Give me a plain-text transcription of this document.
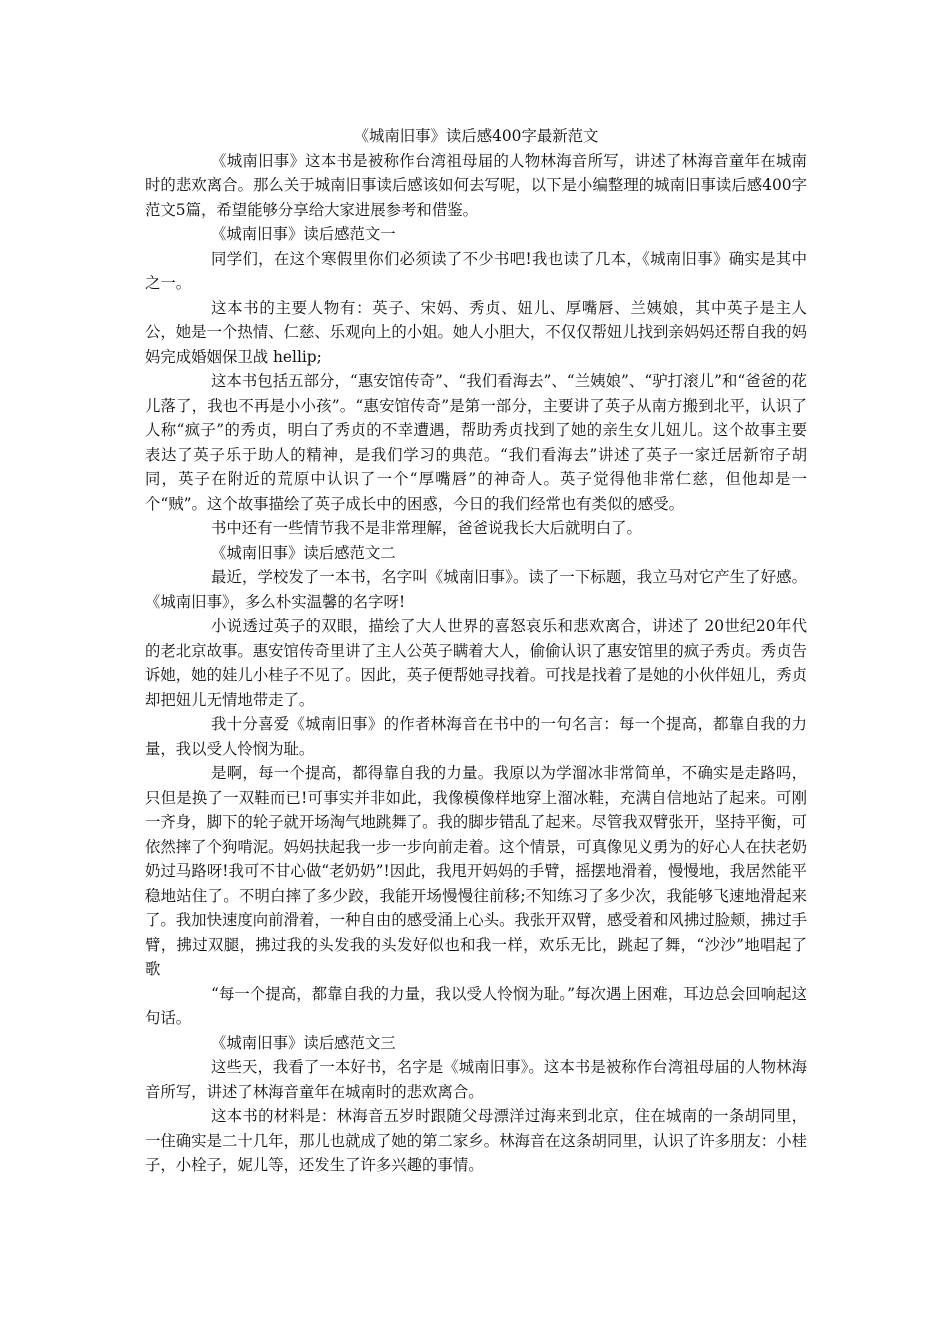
《城南旧事》读后感400字最新范文

《城南旧事》这本书是被称作台湾祖母届的人物林海音所写，讲述了林海音童年在城南时的悲欢离合。那么关于城南旧事读后感该如何去写呢，以下是小编整理的城南旧事读后感400字范文5篇，希望能够分享给大家进展参考和借鉴。

《城南旧事》读后感范文一

同学们，在这个寒假里你们必须读了不少书吧!我也读了几本，《城南旧事》确实是其中之一。

这本书的主要人物有：英子、宋妈、秀贞、妞儿、厚嘴唇、兰姨娘，其中英子是主人公，她是一个热情、仁慈、乐观向上的小姐。她人小胆大，不仅仅帮妞儿找到亲妈妈还帮自我的妈妈完成婚姻保卫战 hellip;

这本书包括五部分，“惠安馆传奇”、“我们看海去”、“兰姨娘”、“驴打滚儿”和“爸爸的花儿落了，我也不再是小小孩”。“惠安馆传奇”是第一部分，主要讲了英子从南方搬到北平，认识了人称“疯子”的秀贞，明白了秀贞的不幸遭遇，帮助秀贞找到了她的亲生女儿妞儿。这个故事主要表达了英子乐于助人的精神，是我们学习的典范。“我们看海去”讲述了英子一家迁居新帘子胡同，英子在附近的荒原中认识了一个“厚嘴唇”的神奇人。英子觉得他非常仁慈，但他却是一个“贼”。这个故事描绘了英子成长中的困惑，今日的我们经常也有类似的感受。

书中还有一些情节我不是非常理解，爸爸说我长大后就明白了。

《城南旧事》读后感范文二

最近，学校发了一本书，名字叫《城南旧事》。读了一下标题，我立马对它产生了好感。《城南旧事》，多么朴实温馨的名字呀!

小说透过英子的双眼，描绘了大人世界的喜怒哀乐和悲欢离合，讲述了 20世纪20年代的老北京故事。惠安馆传奇里讲了主人公英子瞒着大人，偷偷认识了惠安馆里的疯子秀贞。秀贞告诉她，她的娃儿小桂子不见了。因此，英子便帮她寻找着。可找是找着了是她的小伙伴妞儿，秀贞却把妞儿无情地带走了。

我十分喜爱《城南旧事》的作者林海音在书中的一句名言：每一个提高，都靠自我的力量，我以受人怜悯为耻。

是啊，每一个提高，都得靠自我的力量。我原以为学溜冰非常简单，不确实是走路吗，只但是换了一双鞋而已!可事实并非如此，我像模像样地穿上溜冰鞋，充满自信地站了起来。可刚一齐身，脚下的轮子就开场淘气地跳舞了。我的脚步错乱了起来。尽管我双臂张开，坚持平衡，可依然摔了个狗啃泥。妈妈扶起我一步一步向前走着。这个情景，可真像见义勇为的好心人在扶老奶奶过马路呀!我可不甘心做“老奶奶”!因此，我甩开妈妈的手臂，摇摆地滑着，慢慢地，我居然能平稳地站住了。不明白摔了多少跤，我能开场慢慢往前移;不知练习了多少次，我能够飞速地滑起来了。我加快速度向前滑着，一种自由的感受涌上心头。我张开双臂，感受着和风拂过脸颊，拂过手臂，拂过双腿，拂过我的头发我的头发好似也和我一样，欢乐无比，跳起了舞，“沙沙”地唱起了歌

“每一个提高，都靠自我的力量，我以受人怜悯为耻。”每次遇上困难，耳边总会回响起这句话。

《城南旧事》读后感范文三

这些天，我看了一本好书，名字是《城南旧事》。这本书是被称作台湾祖母届的人物林海音所写，讲述了林海音童年在城南时的悲欢离合。

这本书的材料是：林海音五岁时跟随父母漂洋过海来到北京，住在城南的一条胡同里，一住确实是二十几年，那儿也就成了她的第二家乡。林海音在这条胡同里，认识了许多朋友：小桂子，小栓子，妮儿等，还发生了许多兴趣的事情。
